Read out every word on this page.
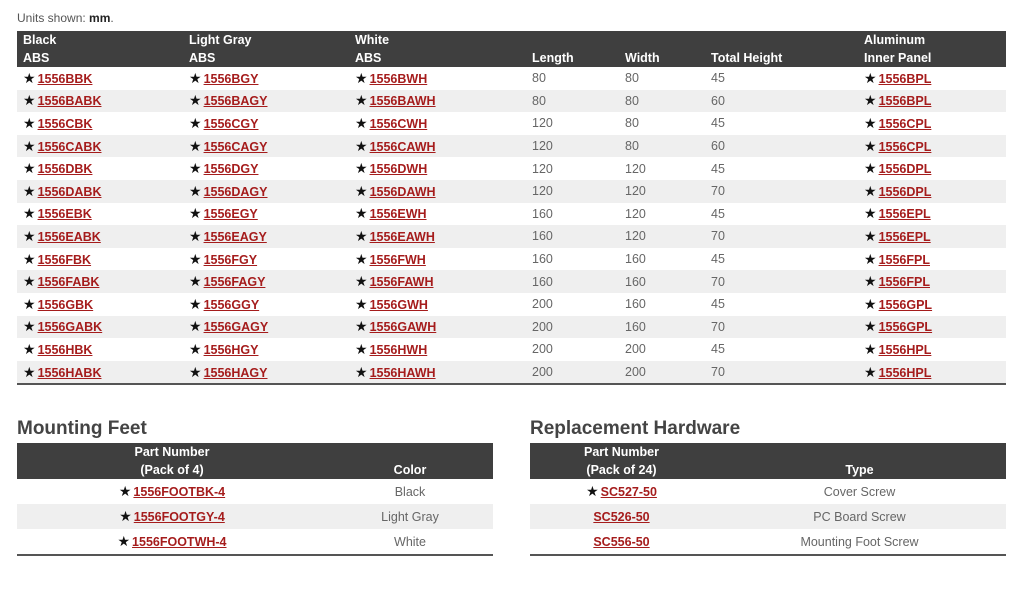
Units shown: mm.
Black	Light Gray	White				Aluminum
ABS	ABS	ABS	Length	Width	Total Height	Inner Panel
★ 1556BBK	★ 1556BGY	★ 1556BWH	80	80	45	★ 1556BPL
★ 1556BABK	★ 1556BAGY	★ 1556BAWH	80	80	60	★ 1556BPL
★ 1556CBK	★ 1556CGY	★ 1556CWH	120	80	45	★ 1556CPL
★ 1556CABK	★ 1556CAGY	★ 1556CAWH	120	80	60	★ 1556CPL
★ 1556DBK	★ 1556DGY	★ 1556DWH	120	120	45	★ 1556DPL
★ 1556DABK	★ 1556DAGY	★ 1556DAWH	120	120	70	★ 1556DPL
★ 1556EBK	★ 1556EGY	★ 1556EWH	160	120	45	★ 1556EPL
★ 1556EABK	★ 1556EAGY	★ 1556EAWH	160	120	70	★ 1556EPL
★ 1556FBK	★ 1556FGY	★ 1556FWH	160	160	45	★ 1556FPL
★ 1556FABK	★ 1556FAGY	★ 1556FAWH	160	160	70	★ 1556FPL
★ 1556GBK	★ 1556GGY	★ 1556GWH	200	160	45	★ 1556GPL
★ 1556GABK	★ 1556GAGY	★ 1556GAWH	200	160	70	★ 1556GPL
★ 1556HBK	★ 1556HGY	★ 1556HWH	200	200	45	★ 1556HPL
★ 1556HABK	★ 1556HAGY	★ 1556HAWH	200	200	70	★ 1556HPL
Mounting Feet
Part Number	
(Pack of 4)	Color
★ 1556FOOTBK-4	Black
★ 1556FOOTGY-4	Light Gray
★ 1556FOOTWH-4	White
Replacement Hardware
Part Number	
(Pack of 24)	Type
★ SC527-50	Cover Screw
SC526-50	PC Board Screw
SC556-50	Mounting Foot Screw
